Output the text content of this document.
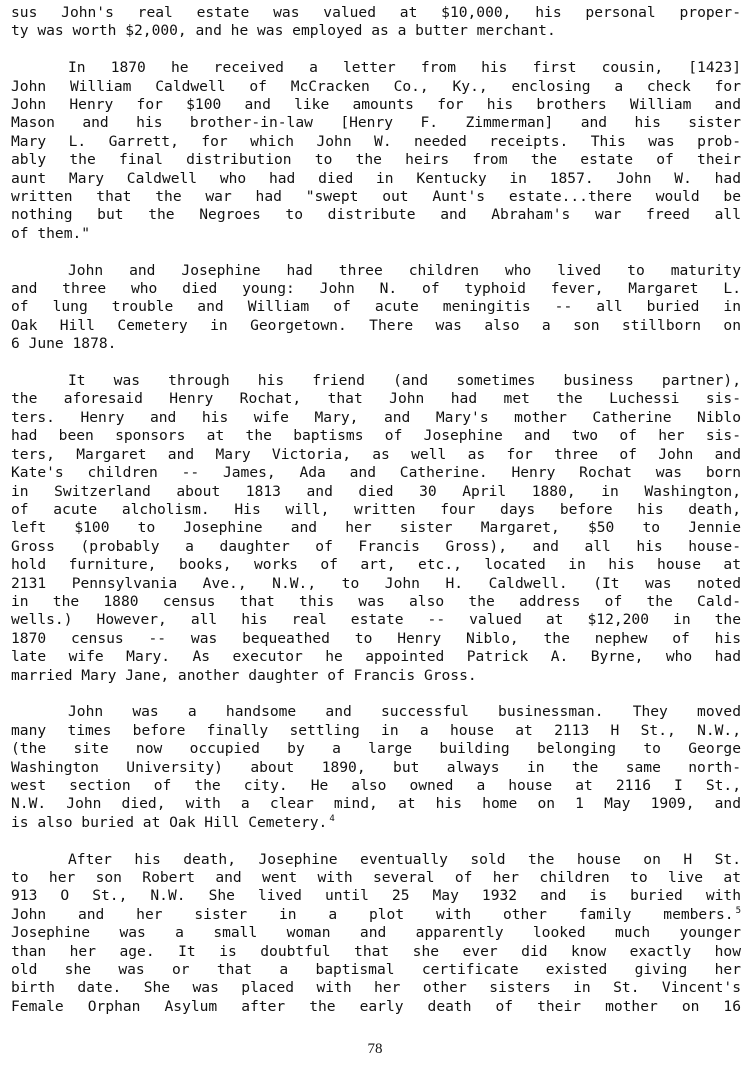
sus John's real estate was valued at $10,000, his personal proper-
ty was worth $2,000, and he was employed as a butter merchant.
In 1870 he received a letter from his first cousin, [1423]
John William Caldwell of McCracken Co., Ky., enclosing a check for
John Henry for $100 and like amounts for his brothers William and
Mason and his brother-in-law [Henry F. Zimmerman] and his sister
Mary L. Garrett, for which John W. needed receipts. This was prob-
ably the final distribution to the heirs from the estate of their
aunt Mary Caldwell who had died in Kentucky in 1857. John W. had
written that the war had "swept out Aunt's estate...there would be
nothing but the Negroes to distribute and Abraham's war freed all
of them."
John and Josephine had three children who lived to maturity
and three who died young: John N. of typhoid fever, Margaret L.
of lung trouble and William of acute meningitis -- all buried in
Oak Hill Cemetery in Georgetown. There was also a son stillborn on
6 June 1878.
It was through his friend (and sometimes business partner),
the aforesaid Henry Rochat, that John had met the Luchessi sis-
ters. Henry and his wife Mary, and Mary's mother Catherine Niblo
had been sponsors at the baptisms of Josephine and two of her sis-
ters, Margaret and Mary Victoria, as well as for three of John and
Kate's children -- James, Ada and Catherine. Henry Rochat was born
in Switzerland about 1813 and died 30 April 1880, in Washington,
of acute alcholism. His will, written four days before his death,
left $100 to Josephine and her sister Margaret, $50 to Jennie
Gross (probably a daughter of Francis Gross), and all his house-
hold furniture, books, works of art, etc., located in his house at
2131 Pennsylvania Ave., N.W., to John H. Caldwell. (It was noted
in the 1880 census that this was also the address of the Cald-
wells.) However, all his real estate -- valued at $12,200 in the
1870 census -- was bequeathed to Henry Niblo, the nephew of his
late wife Mary. As executor he appointed Patrick A. Byrne, who had
married Mary Jane, another daughter of Francis Gross.
John was a handsome and successful businessman. They moved
many times before finally settling in a house at 2113 H St., N.W.,
(the site now occupied by a large building belonging to George
Washington University) about 1890, but always in the same north-
west section of the city. He also owned a house at 2116 I St.,
N.W. John died, with a clear mind, at his home on 1 May 1909, and
is also buried at Oak Hill Cemetery. $^4$
After his death, Josephine eventually sold the house on H St.
to her son Robert and went with several of her children to live at
913 O St., N.W. She lived until 25 May 1932 and is buried with
John and her sister in a plot with other family members. $^5$
Josephine was a small woman and apparently looked much younger
than her age. It is doubtful that she ever did know exactly how
old she was or that a baptismal certificate existed giving her
birth date. She was placed with her other sisters in St. Vincent's
Female Orphan Asylum after the early death of their mother on 16
78
